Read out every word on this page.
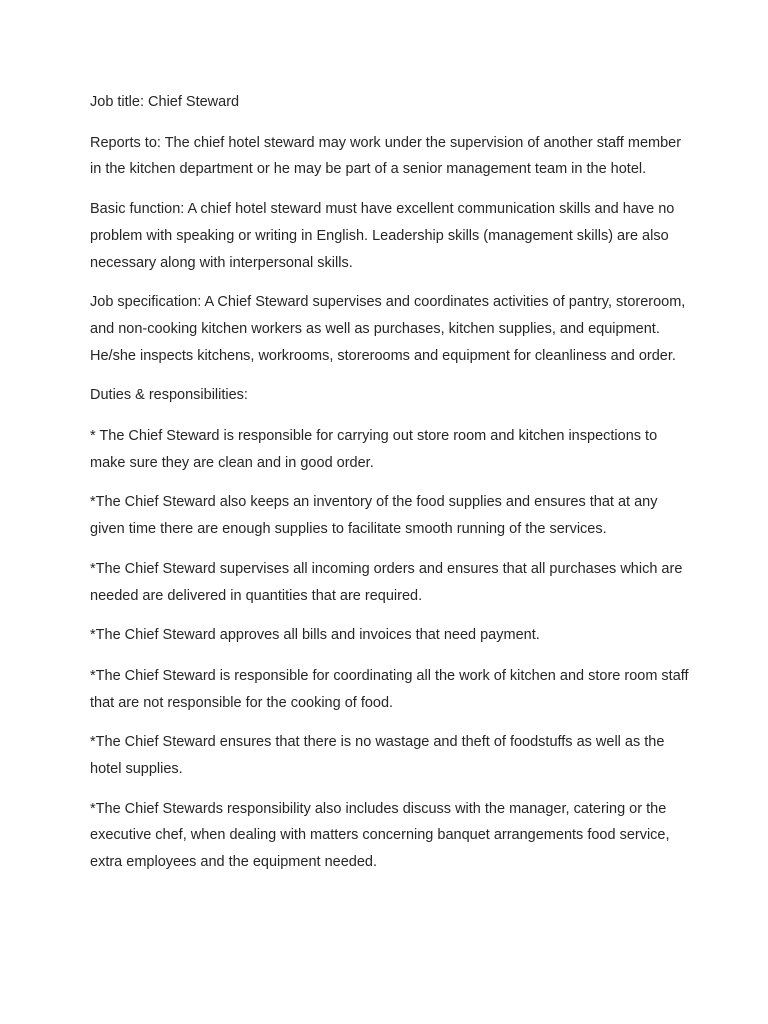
Job title: Chief Steward

Reports to: The chief hotel steward may work under the supervision of another staff member in the kitchen department or he may be part of a senior management team in the hotel.

Basic function: A chief hotel steward must have excellent communication skills and have no problem with speaking or writing in English. Leadership skills (management skills) are also necessary along with interpersonal skills.

Job specification: A Chief Steward supervises and coordinates activities of pantry, storeroom, and non-cooking kitchen workers as well as purchases, kitchen supplies, and equipment. He/she inspects kitchens, workrooms, storerooms and equipment for cleanliness and order.

Duties & responsibilities:

* The Chief Steward is responsible for carrying out store room and kitchen inspections to make sure they are clean and in good order.

*The Chief Steward also keeps an inventory of the food supplies and ensures that at any given time there are enough supplies to facilitate smooth running of the services.

*The Chief Steward supervises all incoming orders and ensures that all purchases which are needed are delivered in quantities that are required.

*The Chief Steward approves all bills and invoices that need payment.

*The Chief Steward is responsible for coordinating all the work of kitchen and store room staff that are not responsible for the cooking of food.

*The Chief Steward ensures that there is no wastage and theft of foodstuffs as well as the hotel supplies.

*The Chief Stewards responsibility also includes discuss with the manager, catering or the executive chef, when dealing with matters concerning banquet arrangements food service, extra employees and the equipment needed.
